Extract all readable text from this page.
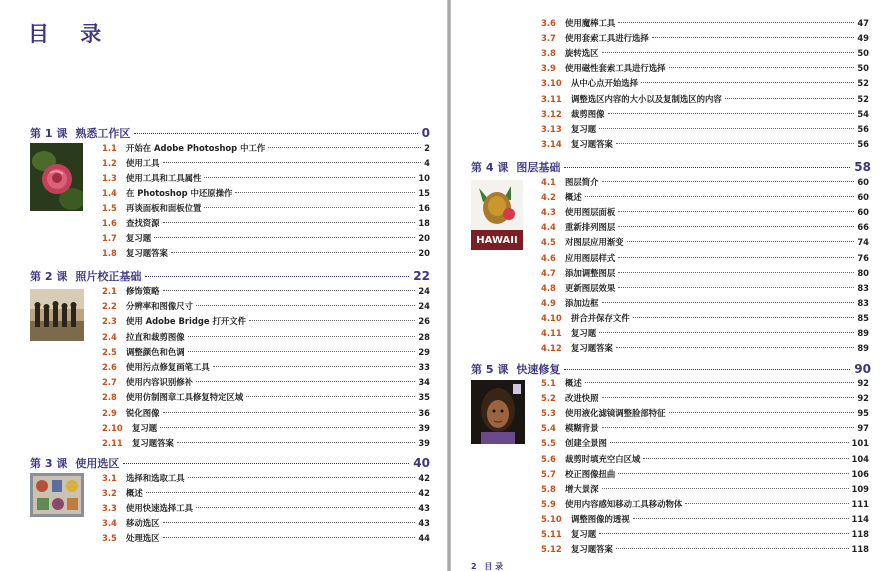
目 录
第 1 课 熟悉工作区	0
1.1	开始在 Adobe Photoshop 中工作	2
1.2	使用工具	4
1.3	使用工具和工具属性	10
1.4	在 Photoshop 中还原操作	15
1.5	再谈面板和面板位置	16
1.6	查找资源	18
1.7	复习题	20
1.8	复习题答案	20
第 2 课 照片校正基础	22
2.1	修饰策略	24
2.2	分辨率和图像尺寸	24
2.3	使用 Adobe Bridge 打开文件	26
2.4	拉直和裁剪图像	28
2.5	调整颜色和色调	29
2.6	使用污点修复画笔工具	33
2.7	使用内容识别修补	34
2.8	使用仿制图章工具修复特定区域	35
2.9	锐化图像	36
2.10	复习题	39
2.11	复习题答案	39
第 3 课 使用选区	40
3.1	选择和选取工具	42
3.2	概述	42
3.3	使用快速选择工具	43
3.4	移动选区	43
3.5	处理选区	44
3.6	使用魔棒工具	47
3.7	使用套索工具进行选择	49
3.8	旋转选区	50
3.9	使用磁性套索工具进行选择	50
3.10	从中心点开始选择	52
3.11	调整选区内容的大小以及复制选区的内容	52
3.12	裁剪图像	54
3.13	复习题	56
3.14	复习题答案	56
第 4 课 图层基础	58
HAWAII
4.1	图层简介	60
4.2	概述	60
4.3	使用图层面板	60
4.4	重新排列图层	66
4.5	对图层应用渐变	74
4.6	应用图层样式	76
4.7	添加调整图层	80
4.8	更新图层效果	83
4.9	添加边框	83
4.10	拼合并保存文件	85
4.11	复习题	89
4.12	复习题答案	89
第 5 课 快速修复	90
5.1	概述	92
5.2	改进快照	92
5.3	使用液化滤镜调整脸部特征	95
5.4	模糊背景	97
5.5	创建全景图	101
5.6	裁剪时填充空白区域	104
5.7	校正图像扭曲	106
5.8	增大景深	109
5.9	使用内容感知移动工具移动物体	111
5.10	调整图像的透视	114
5.11	复习题	118
5.12	复习题答案	118
2 目 录
